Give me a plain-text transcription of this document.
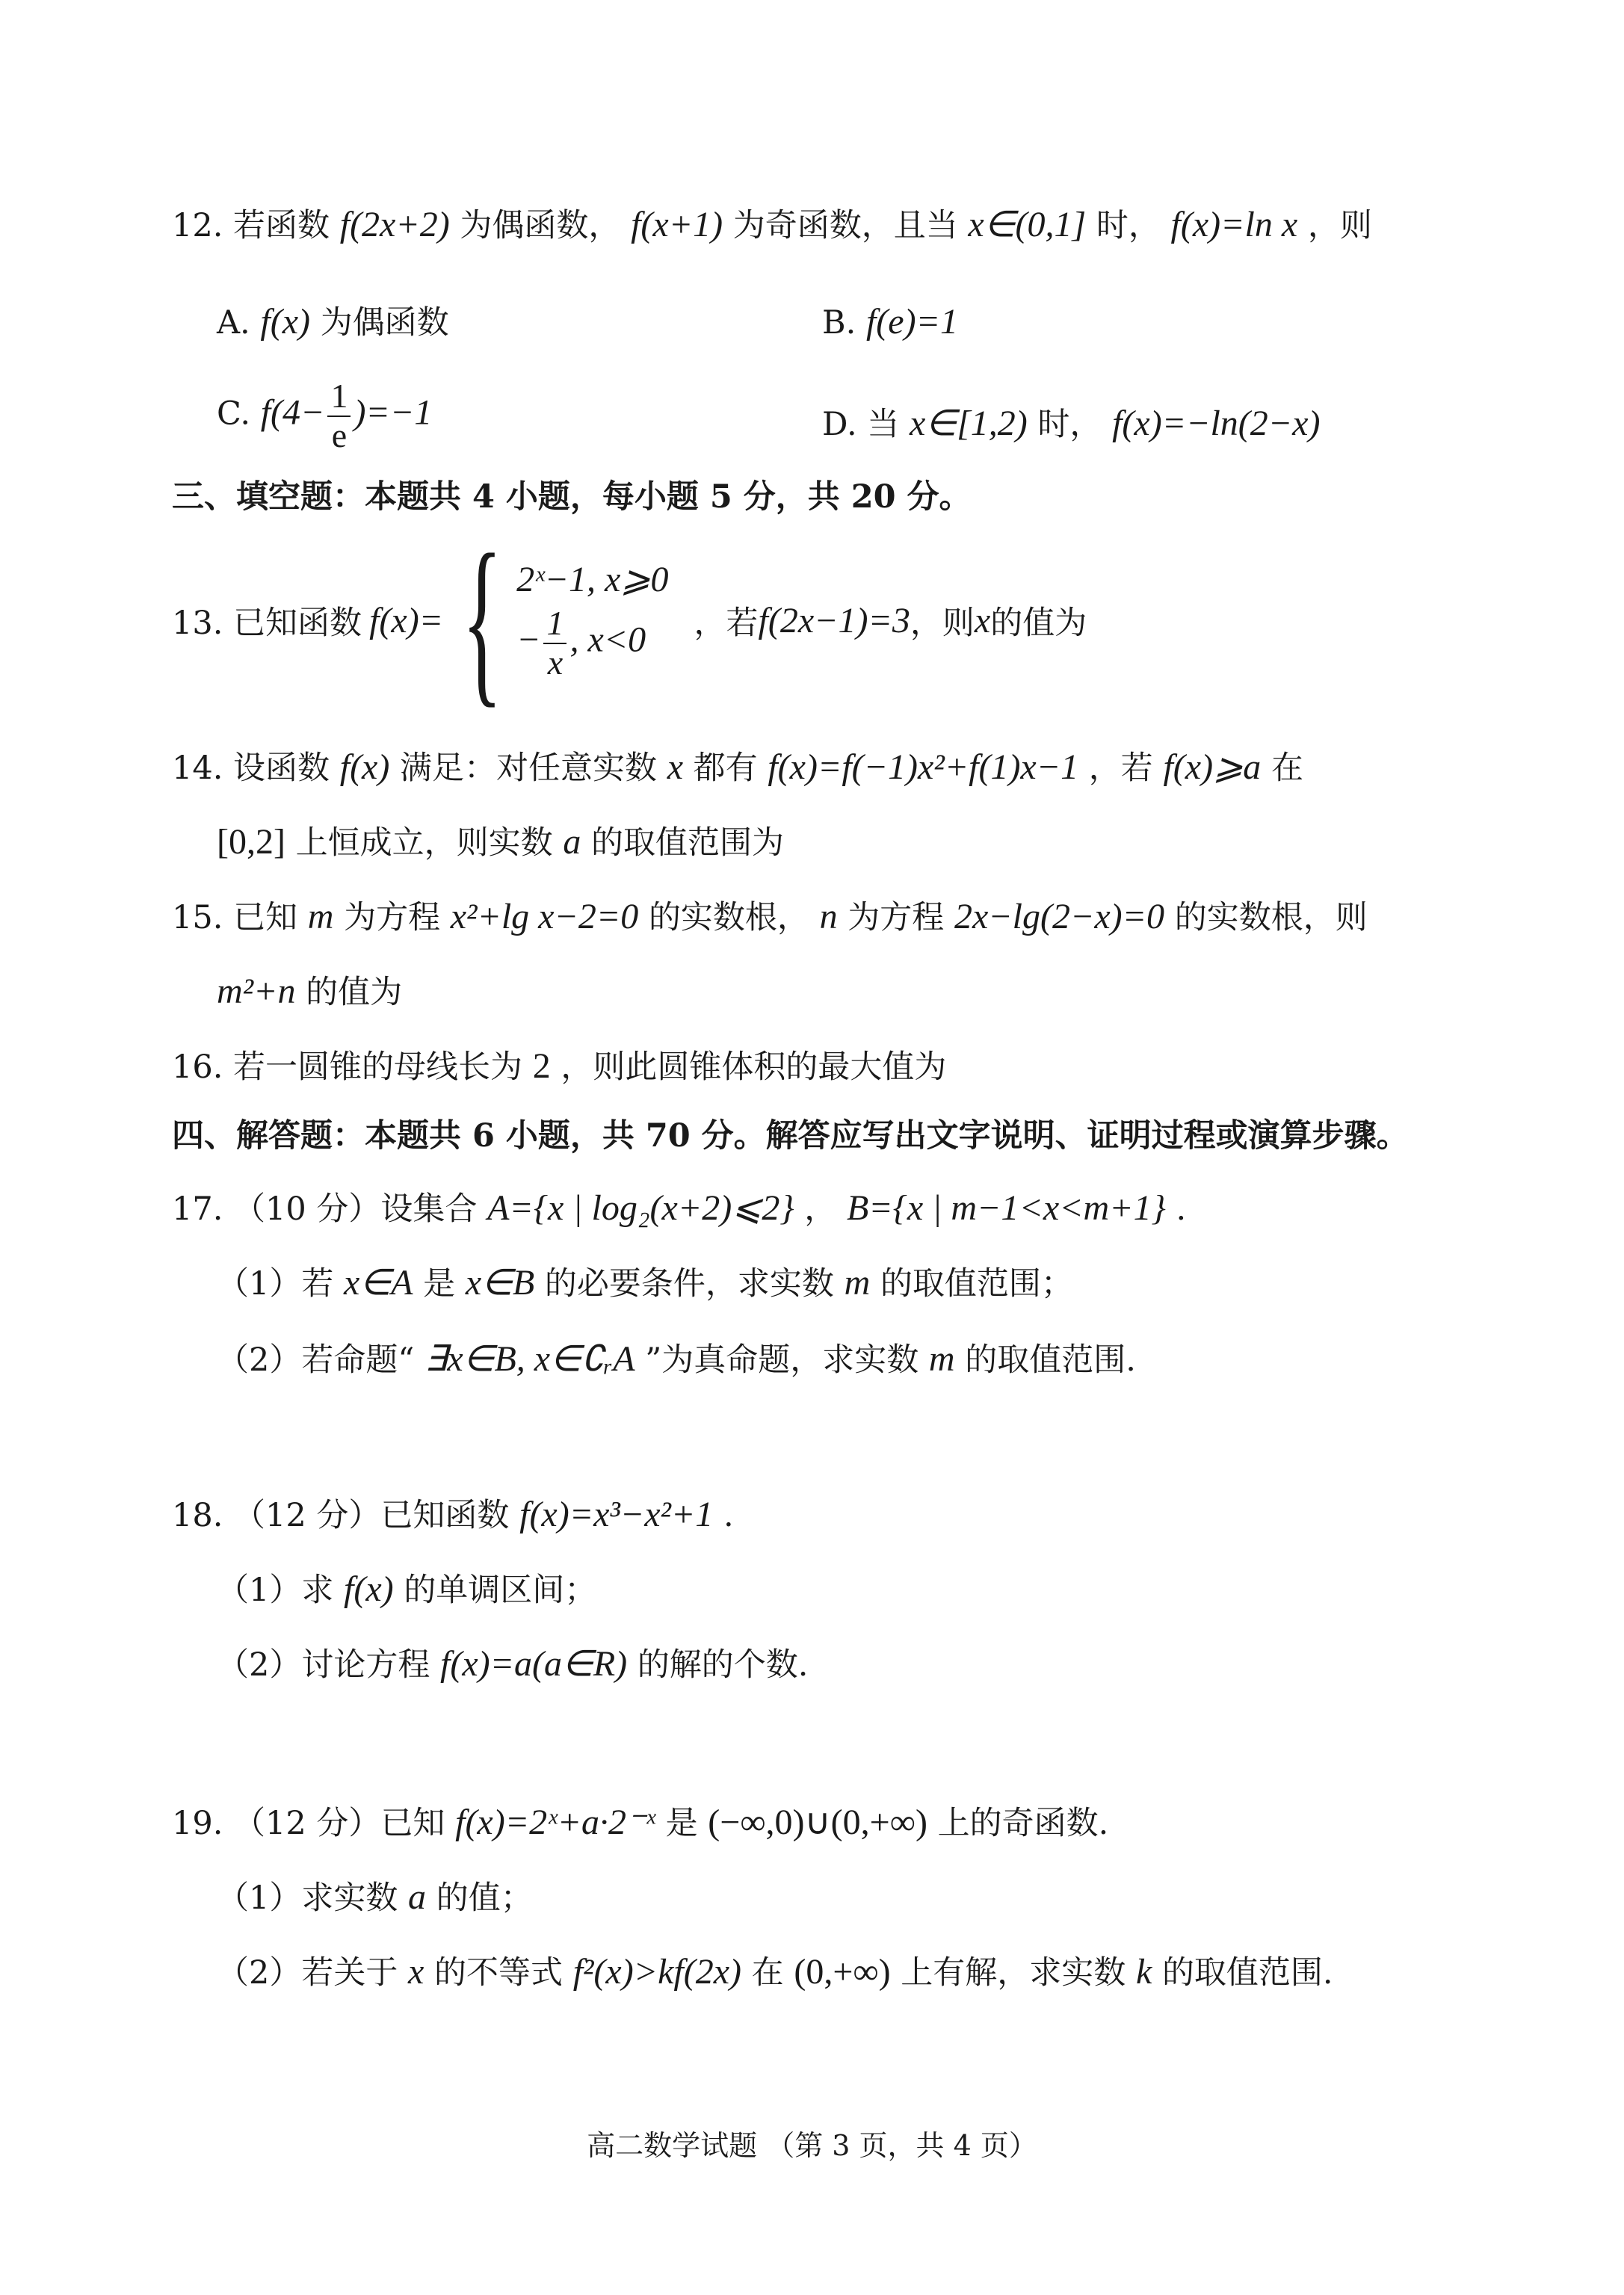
12. 若函数 f(2x+2) 为偶函数， f(x+1) 为奇函数，且当 x∈(0,1] 时， f(x)=ln x ，则
A. f(x) 为偶函数	B. f(e)=1
C. $f(4- \frac{1}{e} )=-1$	D. 当 x∈[1,2) 时， f(x)=−ln(2−x)
三、填空题：本题共 4 小题，每小题 5 分，共 20 分。
13. 已知函数 f(x)= { 2ˣ−1, x⩾0
− $\frac{1}{x}$ , x<0	，若 f(2x−1)=3 ，则 x 的值为
14. 设函数 f(x) 满足：对任意实数 x 都有 f(x)=f(−1)x²+f(1)x−1 ，若 f(x)⩾a 在
[0,2] 上恒成立，则实数 a 的取值范围为
15. 已知 m 为方程 x²+lg x−2=0 的实数根， n 为方程 2x−lg(2−x)=0 的实数根，则
m²+n 的值为
16. 若一圆锥的母线长为 2 ，则此圆锥体积的最大值为
四、解答题：本题共 6 小题，共 70 分。解答应写出文字说明、证明过程或演算步骤。
17. （10 分）设集合 A={x | log₂(x+2)⩽2} ， B={x | m−1<x<m+1} .
（1）若 x∈A 是 x∈B 的必要条件，求实数 m 的取值范围；
（2）若命题“ ∃x∈B, x∈∁ᵣA ”为真命题，求实数 m 的取值范围.
18. （12 分）已知函数 f(x)=x³−x²+1 .
（1）求 f(x) 的单调区间；
（2）讨论方程 f(x)=a(a∈R) 的解的个数.
19. （12 分）已知 f(x)=2ˣ+a·2⁻ˣ 是 (−∞,0)∪(0,+∞) 上的奇函数.
（1）求实数 a 的值；
（2）若关于 x 的不等式 f²(x)>kf(2x) 在 (0,+∞) 上有解，求实数 k 的取值范围.
高二数学试题 （第 3 页，共 4 页）
